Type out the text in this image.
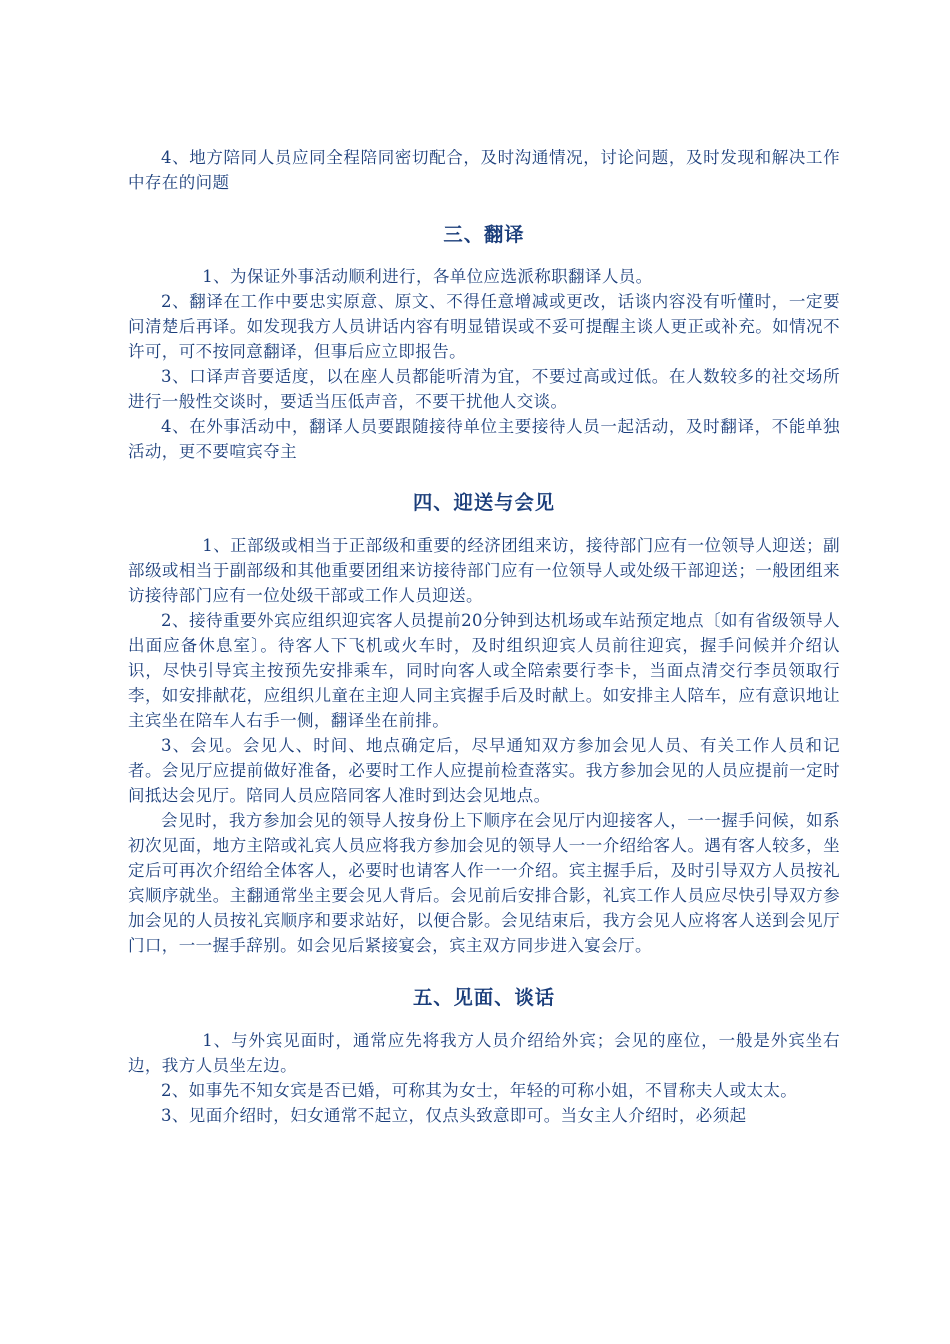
4、地方陪同人员应同全程陪同密切配合，及时沟通情况，讨论问题，及时发现和解决工作中存在的问题

三、翻译

1、为保证外事活动顺利进行，各单位应选派称职翻译人员。

2、翻译在工作中要忠实原意、原文、不得任意增减或更改，话谈内容没有听懂时，一定要问清楚后再译。如发现我方人员讲话内容有明显错误或不妥可提醒主谈人更正或补充。如情况不许可，可不按同意翻译，但事后应立即报告。

3、口译声音要适度，以在座人员都能听清为宜，不要过高或过低。在人数较多的社交场所进行一般性交谈时，要适当压低声音，不要干扰他人交谈。

4、在外事活动中，翻译人员要跟随接待单位主要接待人员一起活动，及时翻译，不能单独活动，更不要喧宾夺主

四、迎送与会见

1、正部级或相当于正部级和重要的经济团组来访，接待部门应有一位领导人迎送；副部级或相当于副部级和其他重要团组来访接待部门应有一位领导人或处级干部迎送；一般团组来访接待部门应有一位处级干部或工作人员迎送。

2、接待重要外宾应组织迎宾客人员提前20分钟到达机场或车站预定地点〔如有省级领导人出面应备休息室〕。待客人下飞机或火车时，及时组织迎宾人员前往迎宾，握手问候并介绍认识，尽快引导宾主按预先安排乘车，同时向客人或全陪索要行李卡，当面点清交行李员领取行李，如安排献花，应组织儿童在主迎人同主宾握手后及时献上。如安排主人陪车，应有意识地让主宾坐在陪车人右手一侧，翻译坐在前排。

3、会见。会见人、时间、地点确定后，尽早通知双方参加会见人员、有关工作人员和记者。会见厅应提前做好准备，必要时工作人应提前检查落实。我方参加会见的人员应提前一定时间抵达会见厅。陪同人员应陪同客人准时到达会见地点。

会见时，我方参加会见的领导人按身份上下顺序在会见厅内迎接客人，一一握手问候，如系初次见面，地方主陪或礼宾人员应将我方参加会见的领导人一一介绍给客人。遇有客人较多，坐定后可再次介绍给全体客人，必要时也请客人作一一介绍。宾主握手后，及时引导双方人员按礼宾顺序就坐。主翻通常坐主要会见人背后。会见前后安排合影，礼宾工作人员应尽快引导双方参加会见的人员按礼宾顺序和要求站好，以便合影。会见结束后，我方会见人应将客人送到会见厅门口，一一握手辞别。如会见后紧接宴会，宾主双方同步进入宴会厅。

五、见面、谈话

1、与外宾见面时，通常应先将我方人员介绍给外宾；会见的座位，一般是外宾坐右边，我方人员坐左边。

2、如事先不知女宾是否已婚，可称其为女士，年轻的可称小姐，不冒称夫人或太太。

3、见面介绍时，妇女通常不起立，仅点头致意即可。当女主人介绍时，必须起
